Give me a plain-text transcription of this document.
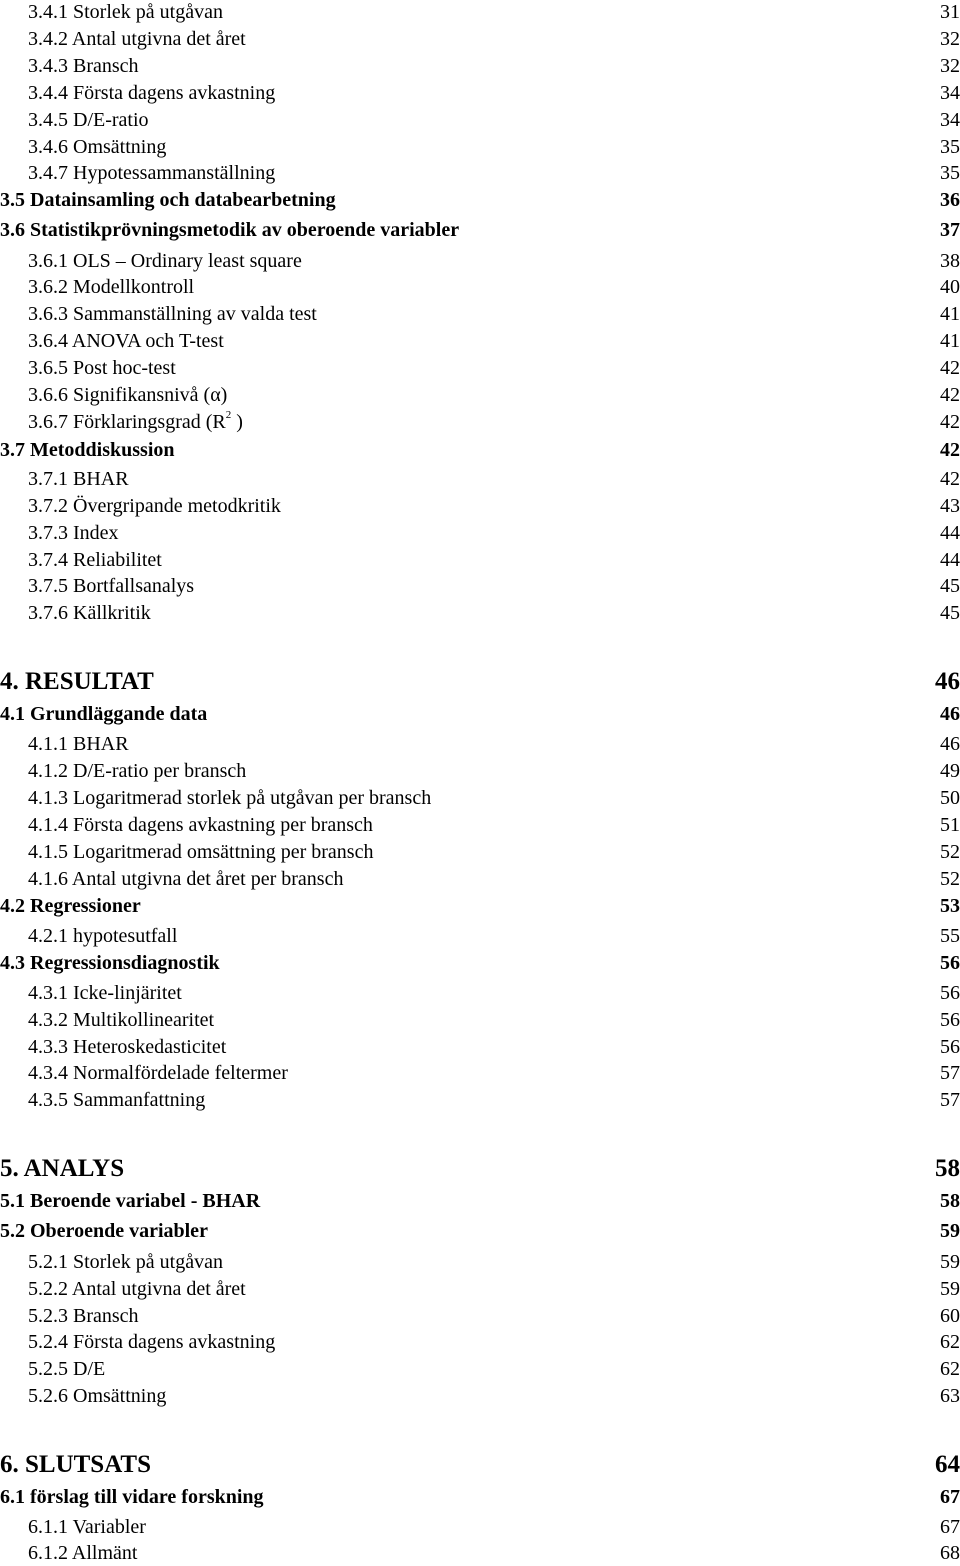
3.4.1 Storlek på utgåvan	31
3.4.2 Antal utgivna det året	32
3.4.3 Bransch	32
3.4.4 Första dagens avkastning	34
3.4.5 D/E-ratio	34
3.4.6 Omsättning	35
3.4.7 Hypotessammanställning	35
3.5 Datainsamling och databearbetning	36
3.6 Statistikprövningsmetodik av oberoende variabler	37
3.6.1 OLS – Ordinary least square	38
3.6.2 Modellkontroll	40
3.6.3 Sammanställning av valda test	41
3.6.4 ANOVA och T-test	41
3.6.5 Post hoc-test	42
3.6.6 Signifikansnivå (α)	42
3.6.7 Förklaringsgrad ($R^2$ )	42
3.7 Metoddiskussion	42
3.7.1 BHAR	42
3.7.2 Övergripande metodkritik	43
3.7.3 Index	44
3.7.4 Reliabilitet	44
3.7.5 Bortfallsanalys	45
3.7.6 Källkritik	45
4. RESULTAT	46
4.1 Grundläggande data	46
4.1.1 BHAR	46
4.1.2 D/E-ratio per bransch	49
4.1.3 Logaritmerad storlek på utgåvan per bransch	50
4.1.4 Första dagens avkastning per bransch	51
4.1.5 Logaritmerad omsättning per bransch	52
4.1.6 Antal utgivna det året per bransch	52
4.2 Regressioner	53
4.2.1 hypotesutfall	55
4.3 Regressionsdiagnostik	56
4.3.1 Icke-linjäritet	56
4.3.2 Multikollinearitet	56
4.3.3 Heteroskedasticitet	56
4.3.4 Normalfördelade feltermer	57
4.3.5 Sammanfattning	57
5. ANALYS	58
5.1 Beroende variabel - BHAR	58
5.2 Oberoende variabler	59
5.2.1 Storlek på utgåvan	59
5.2.2 Antal utgivna det året	59
5.2.3 Bransch	60
5.2.4 Första dagens avkastning	62
5.2.5 D/E	62
5.2.6 Omsättning	63
6. SLUTSATS	64
6.1 förslag till vidare forskning	67
6.1.1 Variabler	67
6.1.2 Allmänt	68
